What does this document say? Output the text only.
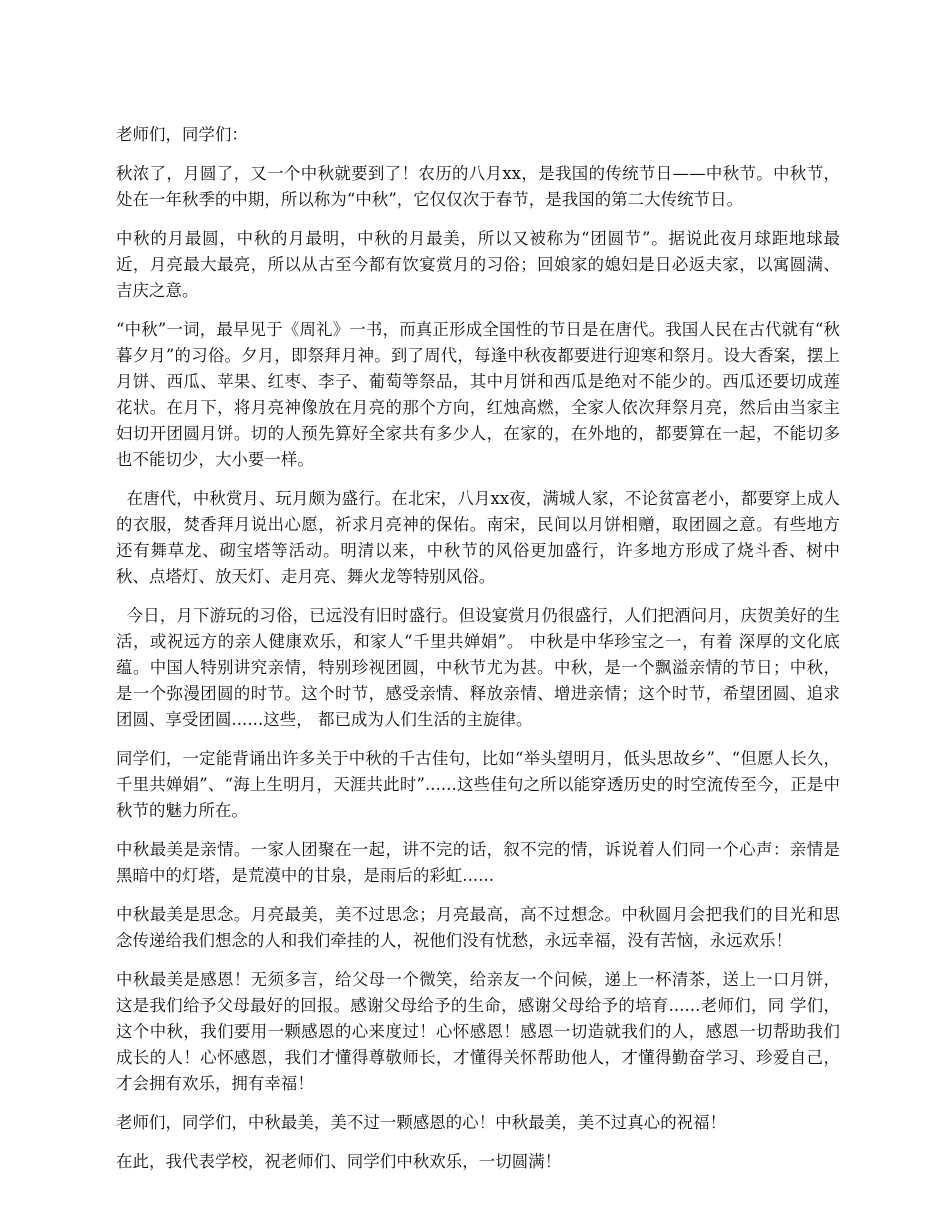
老师们，同学们：

秋浓了，月圆了，又一个中秋就要到了！农历的八月xx，是我国的传统节日——中秋节。中秋节，处在一年秋季的中期，所以称为“中秋”，它仅仅次于春节，是我国的第二大传统节日。

中秋的月最圆，中秋的月最明，中秋的月最美，所以又被称为“团圆节”。据说此夜月球距地球最近，月亮最大最亮，所以从古至今都有饮宴赏月的习俗；回娘家的媳妇是日必返夫家，以寓圆满、吉庆之意。

“中秋”一词，最早见于《周礼》一书，而真正形成全国性的节日是在唐代。我国人民在古代就有“秋暮夕月”的习俗。夕月，即祭拜月神。到了周代，每逢中秋夜都要进行迎寒和祭月。设大香案，摆上月饼、西瓜、苹果、红枣、李子、葡萄等祭品，其中月饼和西瓜是绝对不能少的。西瓜还要切成莲花状。在月下，将月亮神像放在月亮的那个方向，红烛高燃，全家人依次拜祭月亮，然后由当家主妇切开团圆月饼。切的人预先算好全家共有多少人，在家的，在外地的，都要算在一起，不能切多也不能切少，大小要一样。

在唐代，中秋赏月、玩月颇为盛行。在北宋，八月xx夜，满城人家，不论贫富老小，都要穿上成人的衣服，焚香拜月说出心愿，祈求月亮神的保佑。南宋，民间以月饼相赠，取团圆之意。有些地方还有舞草龙、砌宝塔等活动。明清以来，中秋节的风俗更加盛行，许多地方形成了烧斗香、树中秋、点塔灯、放天灯、走月亮、舞火龙等特别风俗。

今日，月下游玩的习俗，已远没有旧时盛行。但设宴赏月仍很盛行，人们把酒问月，庆贺美好的生活，或祝远方的亲人健康欢乐，和家人“千里共婵娟”。 中秋是中华珍宝之一，有着 深厚的文化底蕴。中国人特别讲究亲情，特别珍视团圆，中秋节尤为甚。中秋，是一个飘溢亲情的节日；中秋，是一个弥漫团圆的时节。这个时节，感受亲情、释放亲情、增进亲情；这个时节，希望团圆、追求团圆、享受团圆......这些， 都已成为人们生活的主旋律。

同学们，一定能背诵出许多关于中秋的千古佳句，比如“举头望明月，低头思故乡”、“但愿人长久，千里共婵娟”、“海上生明月，天涯共此时”......这些佳句之所以能穿透历史的时空流传至今，正是中秋节的魅力所在。

中秋最美是亲情。一家人团聚在一起，讲不完的话，叙不完的情，诉说着人们同一个心声：亲情是黑暗中的灯塔，是荒漠中的甘泉，是雨后的彩虹......

中秋最美是思念。月亮最美，美不过思念；月亮最高，高不过想念。中秋圆月会把我们的目光和思念传递给我们想念的人和我们牵挂的人，祝他们没有忧愁，永远幸福，没有苦恼，永远欢乐！

中秋最美是感恩！无须多言，给父母一个微笑，给亲友一个问候，递上一杯清茶，送上一口月饼，这是我们给予父母最好的回报。感谢父母给予的生命，感谢父母给予的培育......老师们，同 学们，这个中秋，我们要用一颗感恩的心来度过！心怀感恩！感恩一切造就我们的人，感恩一切帮助我们成长的人！心怀感恩，我们才懂得尊敬师长，才懂得关怀帮助他人，才懂得勤奋学习、珍爱自己，才会拥有欢乐，拥有幸福！

老师们，同学们，中秋最美，美不过一颗感恩的心！中秋最美，美不过真心的祝福！

在此，我代表学校，祝老师们、同学们中秋欢乐，一切圆满！
